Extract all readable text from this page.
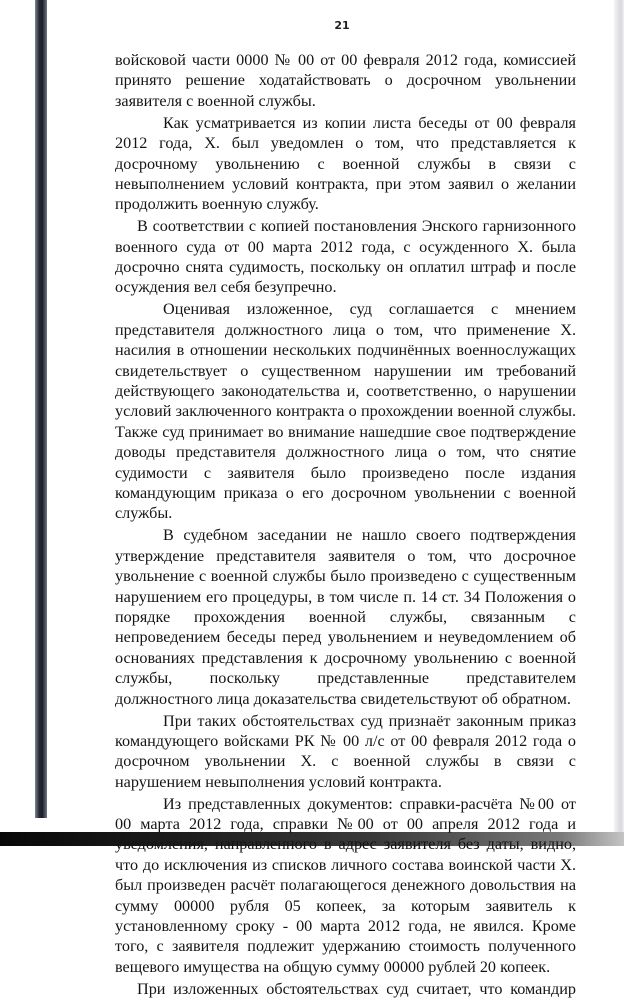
21

войсковой части 0000 № 00 от 00 февраля 2012 года, комиссией принято решение ходатайствовать о досрочном увольнении заявителя с военной службы.

Как усматривается из копии листа беседы от 00 февраля 2012 года, Х. был уведомлен о том, что представляется к досрочному увольнению с военной службы в связи с невыполнением условий контракта, при этом заявил о желании продолжить военную службу.

В соответствии с копией постановления Энского гарнизонного военного суда от 00 марта 2012 года, с осужденного Х. была досрочно снята судимость, поскольку он оплатил штраф и после осуждения вел себя безупречно.

Оценивая изложенное, суд соглашается с мнением представителя должностного лица о том, что применение Х. насилия в отношении нескольких подчинённых военнослужащих свидетельствует о существенном нарушении им требований действующего законодательства и, соответственно, о нарушении условий заключенного контракта о прохождении военной службы. Также суд принимает во внимание нашедшие свое подтверждение доводы представителя должностного лица о том, что снятие судимости с заявителя было произведено после издания командующим приказа о его досрочном увольнении с военной службы.

В судебном заседании не нашло своего подтверждения утверждение представителя заявителя о том, что досрочное увольнение с военной службы было произведено с существенным нарушением его процедуры, в том числе п. 14 ст. 34 Положения о порядке прохождения военной службы, связанным с непроведением беседы перед увольнением и неуведомлением об основаниях представления к досрочному увольнению с военной службы, поскольку представленные представителем должностного лица доказательства свидетельствуют об обратном.

При таких обстоятельствах суд признаёт законным приказ командующего войсками РК № 00 л/с от 00 февраля 2012 года о досрочном увольнении Х. с военной службы в связи с нарушением невыполнения условий контракта.

Из представленных документов: справки-расчёта №00 от 00 марта 2012 года, справки №00 от 00 апреля 2012 года и уведомления, направленного в адрес заявителя без даты, видно, что до исключения из списков личного состава воинской части Х. был произведен расчёт полагающегося денежного довольствия на сумму 00000 рубля 05 копеек, за которым заявитель к установленному сроку - 00 марта 2012 года, не явился. Кроме того, с заявителя подлежит удержанию стоимость полученного вещевого имущества на общую сумму 00000 рублей 20 копеек.

При изложенных обстоятельствах суд считает, что командир
